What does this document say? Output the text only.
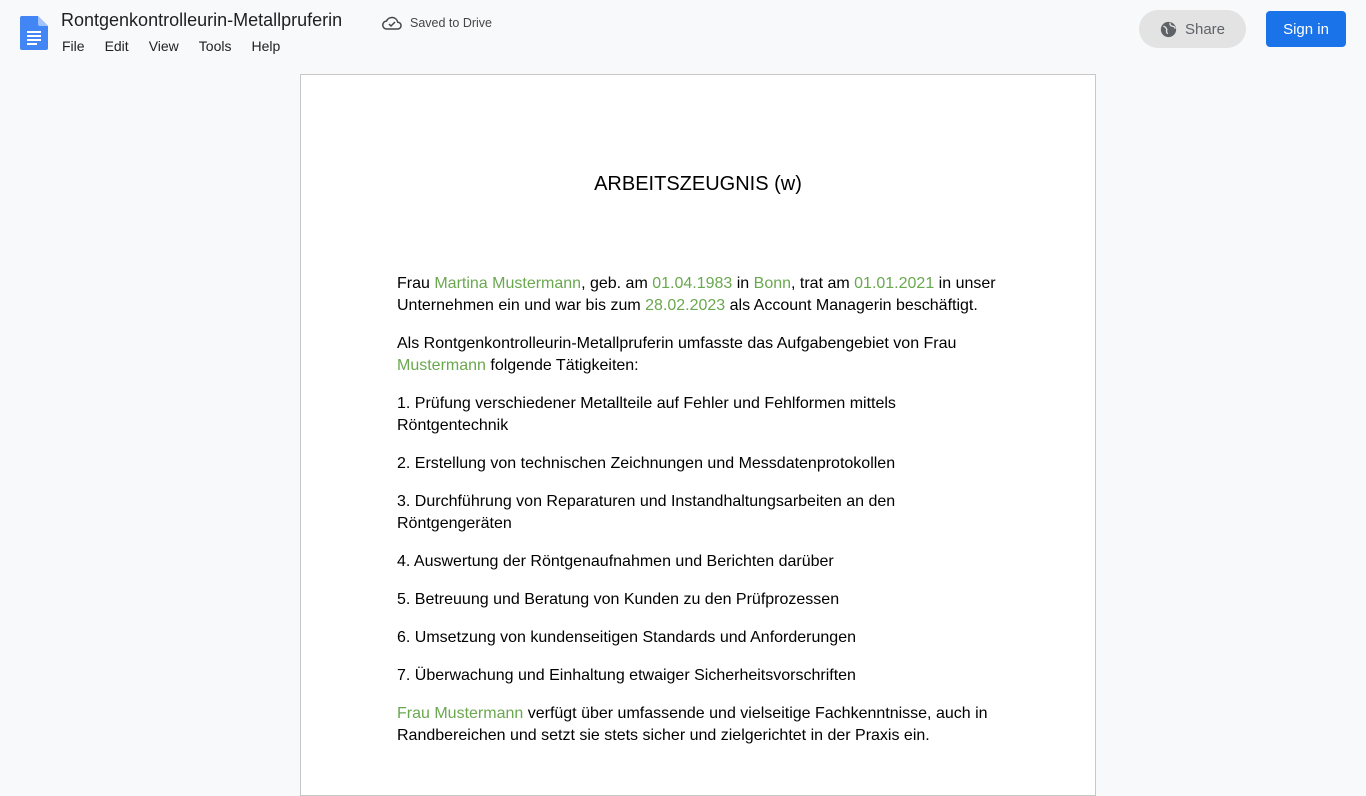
Rontgenkontrolleurin-Metallpruferin	Saved to Drive
File	Edit	View	Tools	Help
Share	Sign in
ARBEITSZEUGNIS (w)

Frau Martina Mustermann, geb. am 01.04.1983 in Bonn, trat am 01.01.2021 in unser Unternehmen ein und war bis zum 28.02.2023 als Account Managerin beschäftigt.

Als Rontgenkontrolleurin-Metallpruferin umfasste das Aufgabengebiet von Frau Mustermann folgende Tätigkeiten:

1. Prüfung verschiedener Metallteile auf Fehler und Fehlformen mittels Röntgentechnik

2. Erstellung von technischen Zeichnungen und Messdatenprotokollen

3. Durchführung von Reparaturen und Instandhaltungsarbeiten an den Röntgengeräten

4. Auswertung der Röntgenaufnahmen und Berichten darüber

5. Betreuung und Beratung von Kunden zu den Prüfprozessen

6. Umsetzung von kundenseitigen Standards und Anforderungen

7. Überwachung und Einhaltung etwaiger Sicherheitsvorschriften

Frau Mustermann verfügt über umfassende und vielseitige Fachkenntnisse, auch in Randbereichen und setzt sie stets sicher und zielgerichtet in der Praxis ein.
